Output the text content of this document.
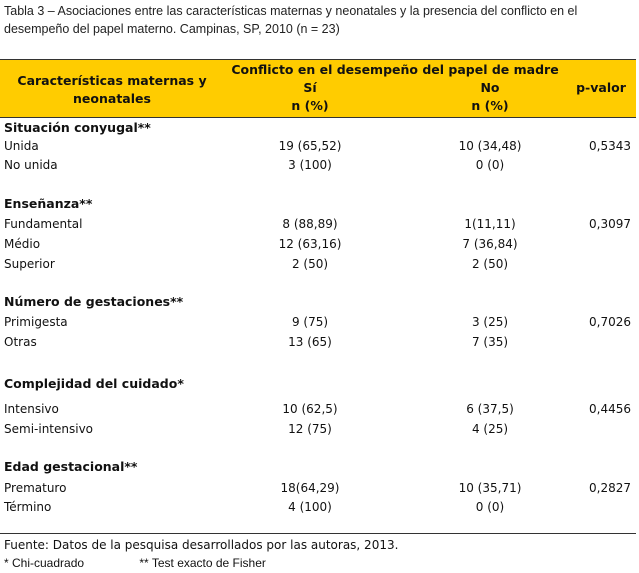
Tabla 3 – Asociaciones entre las características maternas y neonatales y la presencia del conflicto en el desempeño del papel materno. Campinas, SP, 2010 (n = 23)
Características maternas y
neonatales
Conflicto en el desempeño del papel de madre
Sí	No
n (%)	n (%)
p-valor
Situación conyugal**
Unida	19 (65,52)	10 (34,48)	0,5343
No unida	3 (100)	0 (0)
Enseñanza**
Fundamental	8 (88,89)	1(11,11)	0,3097
Médio	12 (63,16)	7 (36,84)
Superior	2 (50)	2 (50)
Número de gestaciones**
Primigesta	9 (75)	3 (25)	0,7026
Otras	13 (65)	7 (35)
Complejidad del cuidado*
Intensivo	10 (62,5)	6 (37,5)	0,4456
Semi-intensivo	12 (75)	4 (25)
Edad gestacional**
Prematuro	18(64,29)	10 (35,71)	0,2827
Término	4 (100)	0 (0)
Fuente: Datos de la pesquisa desarrollados por las autoras, 2013.
* Chi-cuadrado	** Test exacto de Fisher
